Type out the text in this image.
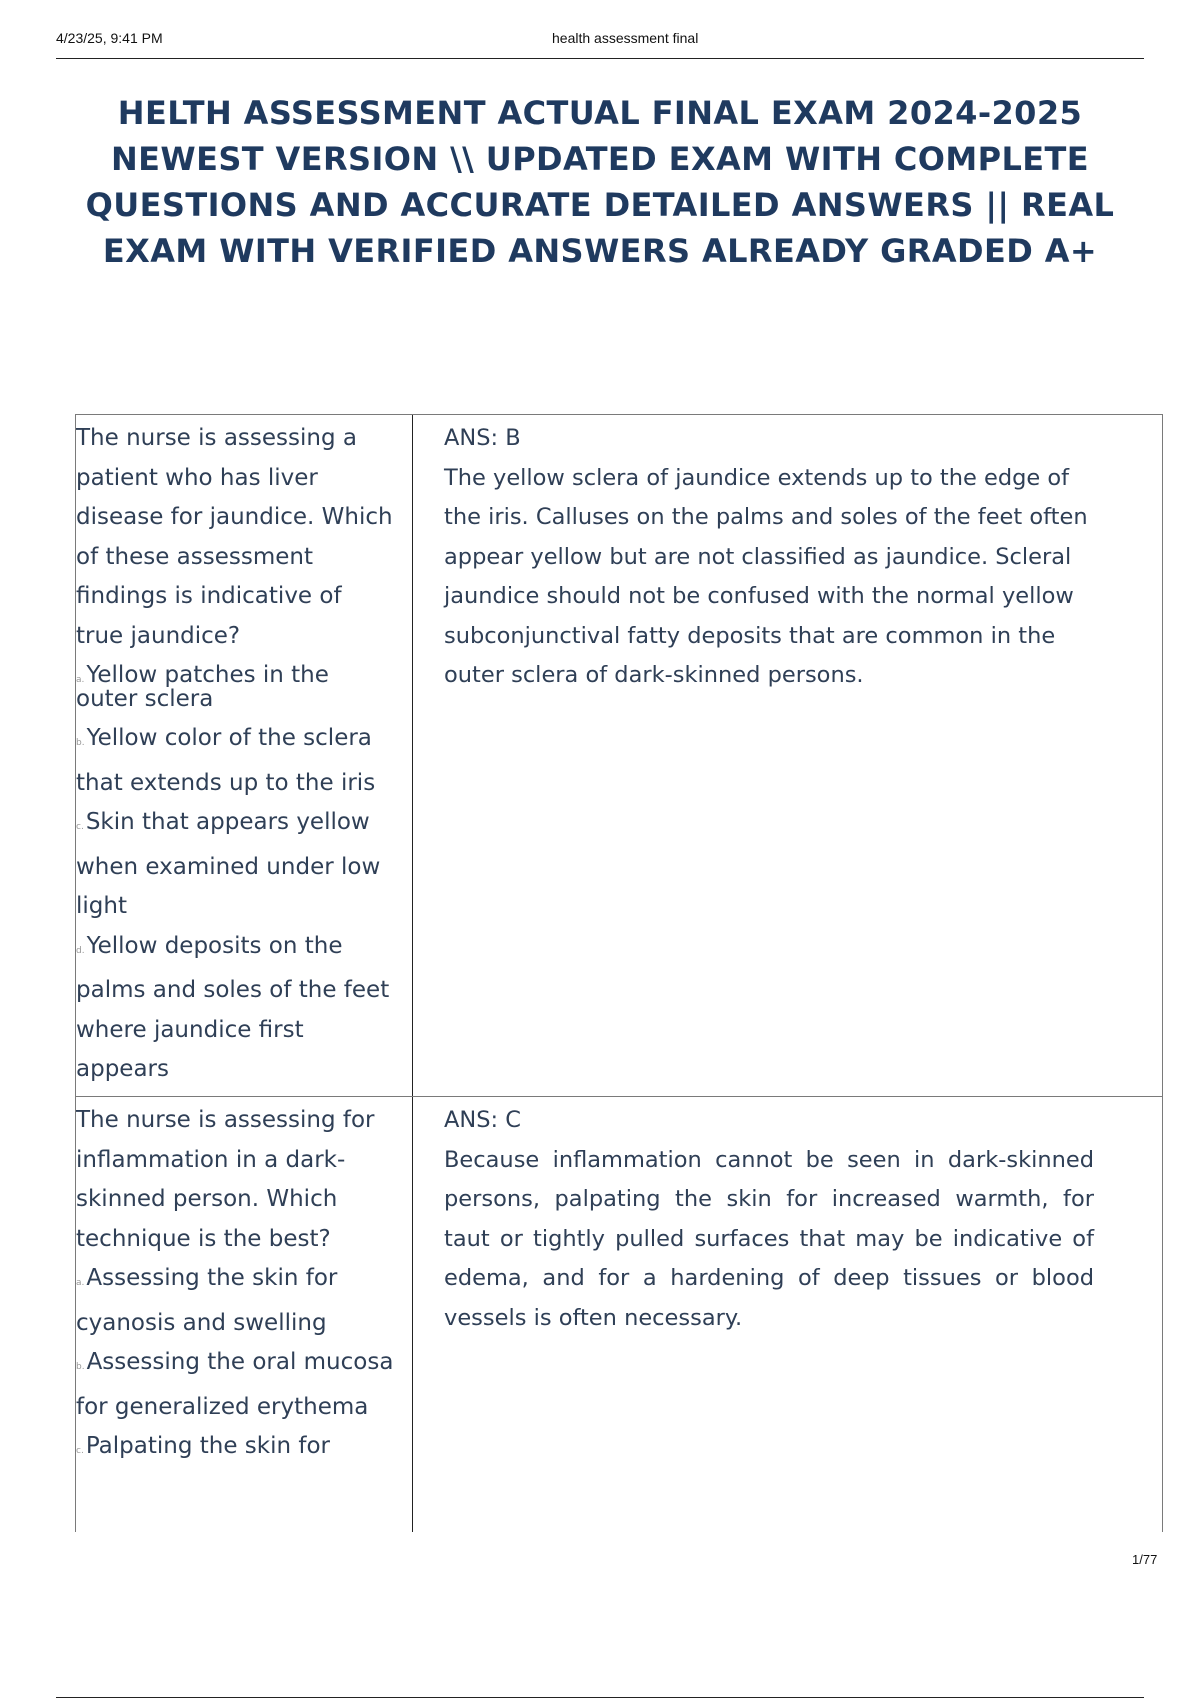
4/23/25, 9:41 PM	health assessment final
HELTH ASSESSMENT ACTUAL FINAL EXAM 2024-2025 NEWEST VERSION \\ UPDATED EXAM WITH COMPLETE QUESTIONS AND ACCURATE DETAILED ANSWERS || REAL EXAM WITH VERIFIED ANSWERS ALREADY GRADED A+
The nurse is assessing a patient who has liver disease for jaundice. Which of these assessment findings is indicative of true jaundice?
a.Yellow patches in the outer sclera
b.Yellow color of the sclera that extends up to the iris
c.Skin that appears yellow when examined under low light
d.Yellow deposits on the palms and soles of the feet where jaundice first appears
ANS: B
The yellow sclera of jaundice extends up to the edge of the iris. Calluses on the palms and soles of the feet often appear yellow but are not classified as jaundice. Scleral jaundice should not be confused with the normal yellow subconjunctival fatty deposits that are common in the outer sclera of dark-skinned persons.
The nurse is assessing for inflammation in a dark-skinned person. Which technique is the best?
a.Assessing the skin for cyanosis and swelling
b.Assessing the oral mucosa for generalized erythema
c.Palpating the skin for
ANS: C
Because inflammation cannot be seen in dark-skinned persons, palpating the skin for increased warmth, for taut or tightly pulled surfaces that may be indicative of edema, and for a hardening of deep tissues or blood vessels is often necessary.
1/77
